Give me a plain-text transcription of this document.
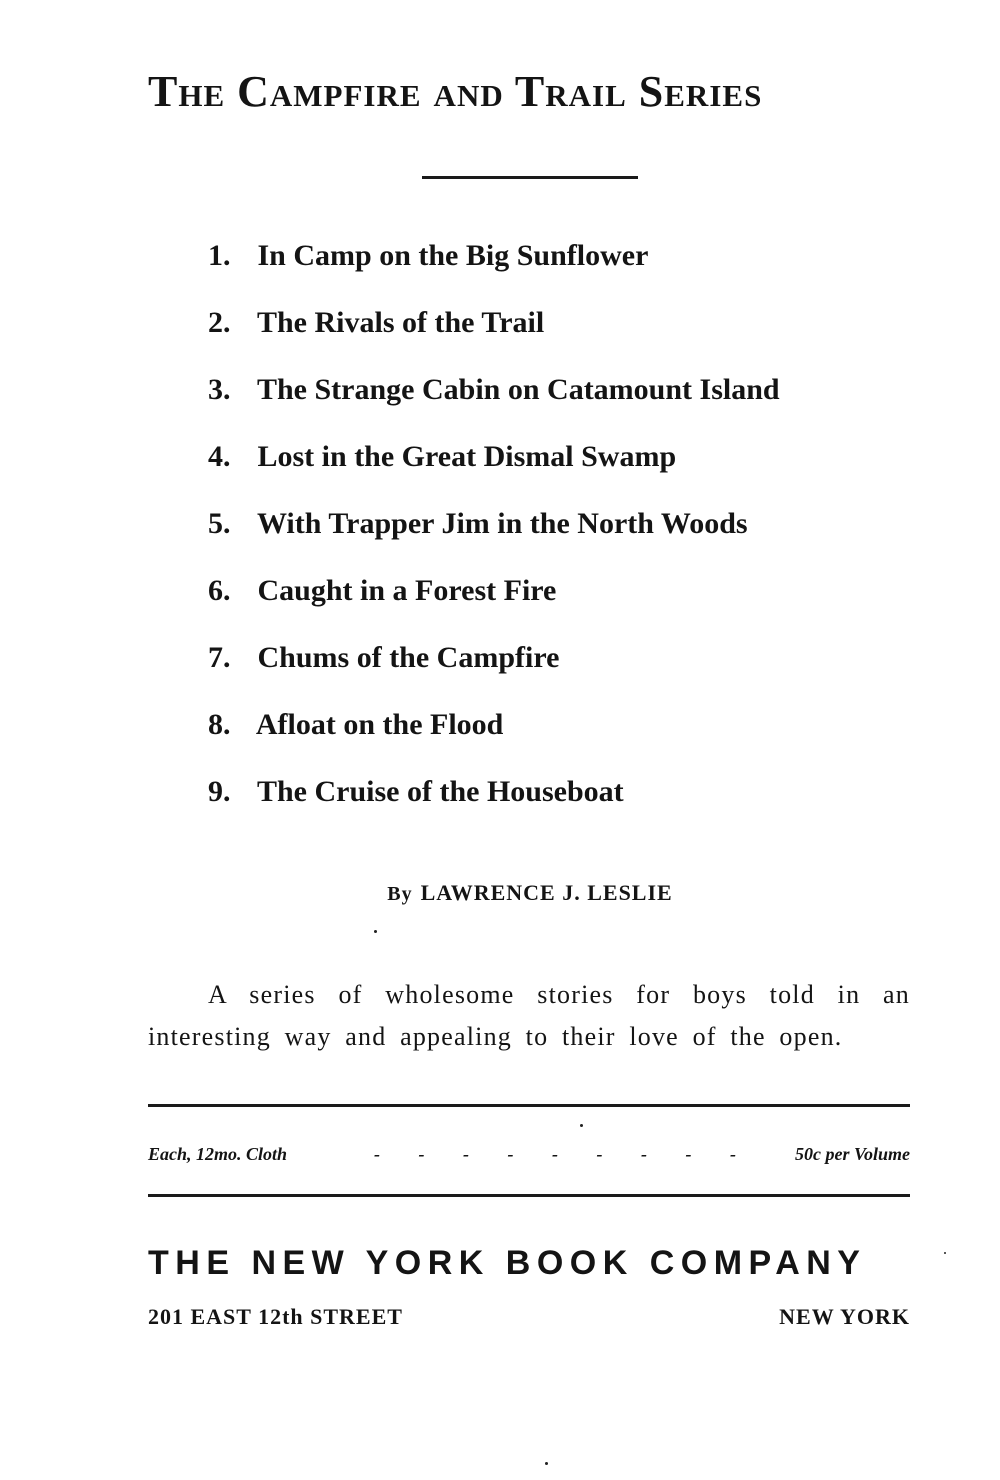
The Campfire and Trail Series
1. In Camp on the Big Sunflower
2. The Rivals of the Trail
3. The Strange Cabin on Catamount Island
4. Lost in the Great Dismal Swamp
5. With Trapper Jim in the North Woods
6. Caught in a Forest Fire
7. Chums of the Campfire
8. Afloat on the Flood
9. The Cruise of the Houseboat
By LAWRENCE J. LESLIE

A series of wholesome stories for boys told in an interesting way and appealing to their love of the open.

Each, 12mo. Cloth	- - - - - - - - -	50c per Volume
THE NEW YORK BOOK COMPANY
201 EAST 12th STREET	NEW YORK
